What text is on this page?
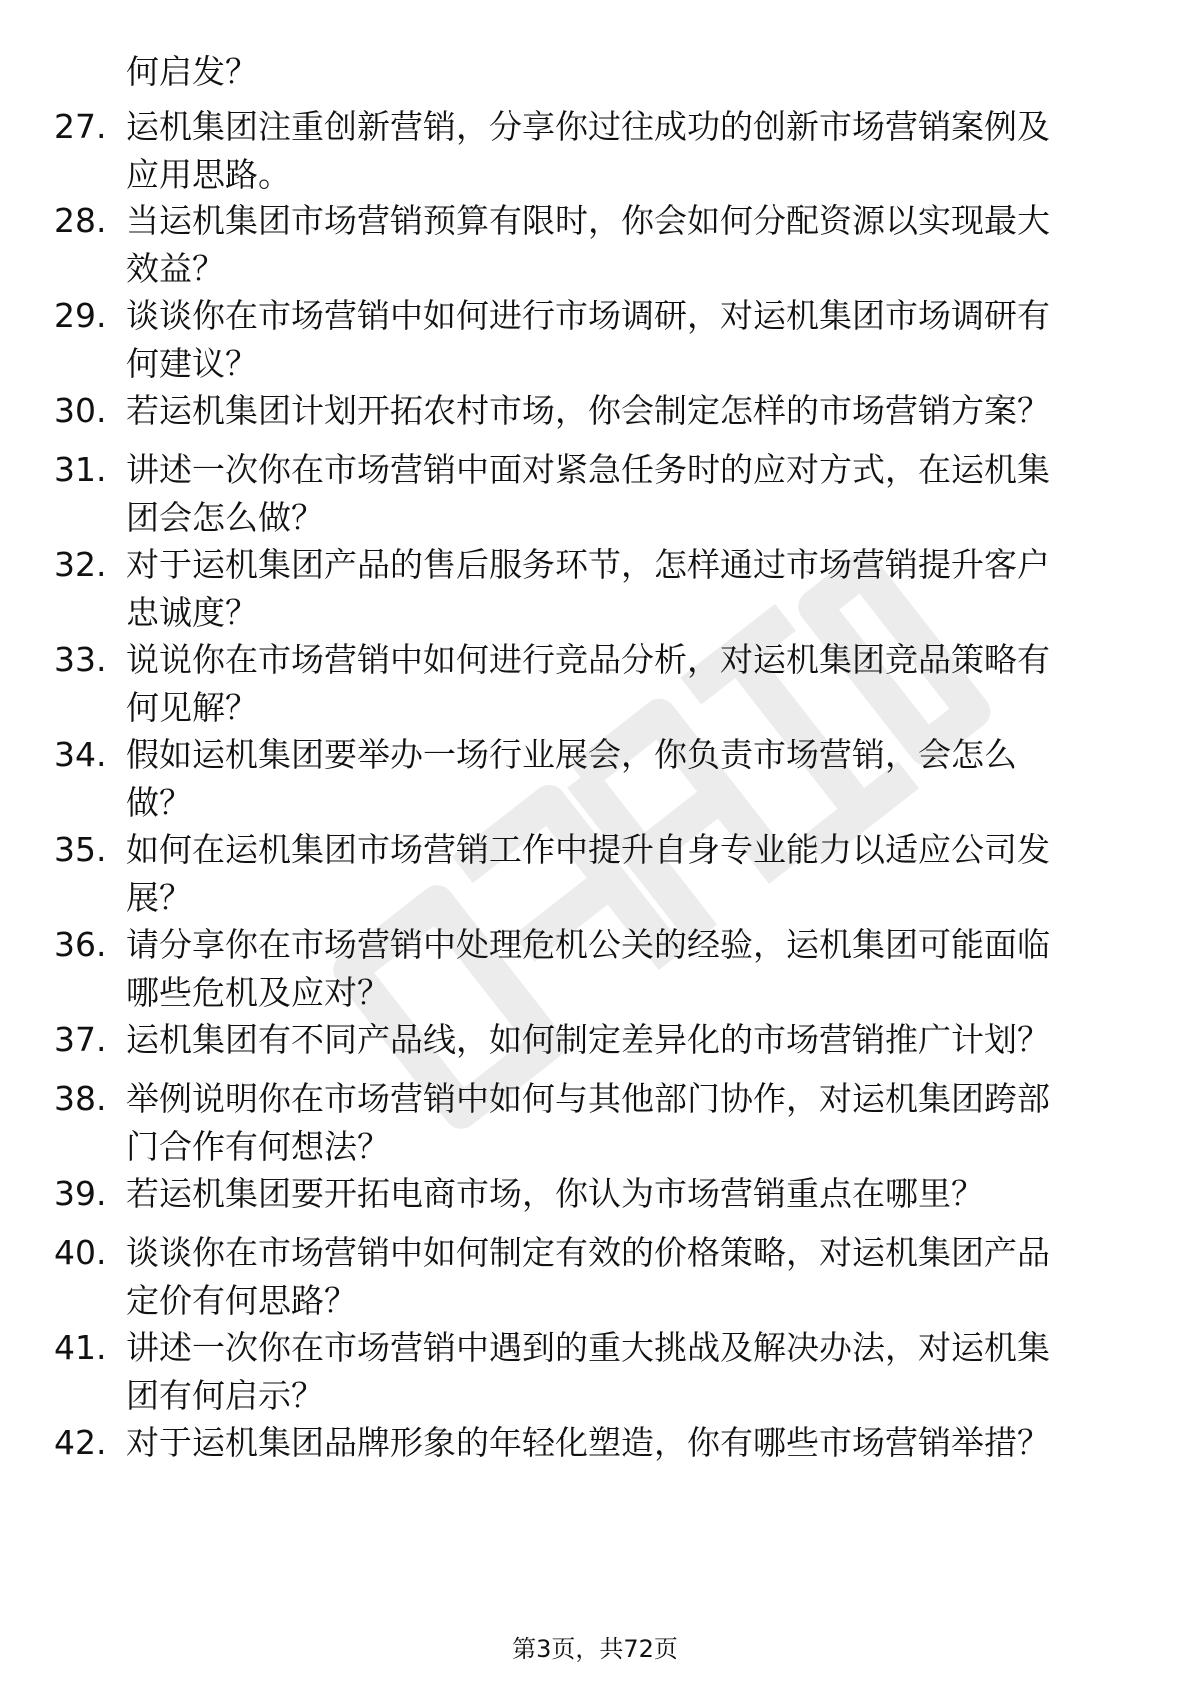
何启发？
27. 运机集团注重创新营销，分享你过往成功的创新市场营销案例及
应用思路。
28. 当运机集团市场营销预算有限时，你会如何分配资源以实现最大
效益？
29. 谈谈你在市场营销中如何进行市场调研，对运机集团市场调研有
何建议？
30. 若运机集团计划开拓农村市场，你会制定怎样的市场营销方案？
31. 讲述一次你在市场营销中面对紧急任务时的应对方式，在运机集
团会怎么做？
32. 对于运机集团产品的售后服务环节，怎样通过市场营销提升客户
忠诚度？
33. 说说你在市场营销中如何进行竞品分析，对运机集团竞品策略有
何见解？
34. 假如运机集团要举办一场行业展会，你负责市场营销，会怎么
做？
35. 如何在运机集团市场营销工作中提升自身专业能力以适应公司发
展？
36. 请分享你在市场营销中处理危机公关的经验，运机集团可能面临
哪些危机及应对？
37. 运机集团有不同产品线，如何制定差异化的市场营销推广计划？
38. 举例说明你在市场营销中如何与其他部门协作，对运机集团跨部
门合作有何想法？
39. 若运机集团要开拓电商市场，你认为市场营销重点在哪里？
40. 谈谈你在市场营销中如何制定有效的价格策略，对运机集团产品
定价有何思路？
41. 讲述一次你在市场营销中遇到的重大挑战及解决办法，对运机集
团有何启示？
42. 对于运机集团品牌形象的年轻化塑造，你有哪些市场营销举措？
第3页，共72页
